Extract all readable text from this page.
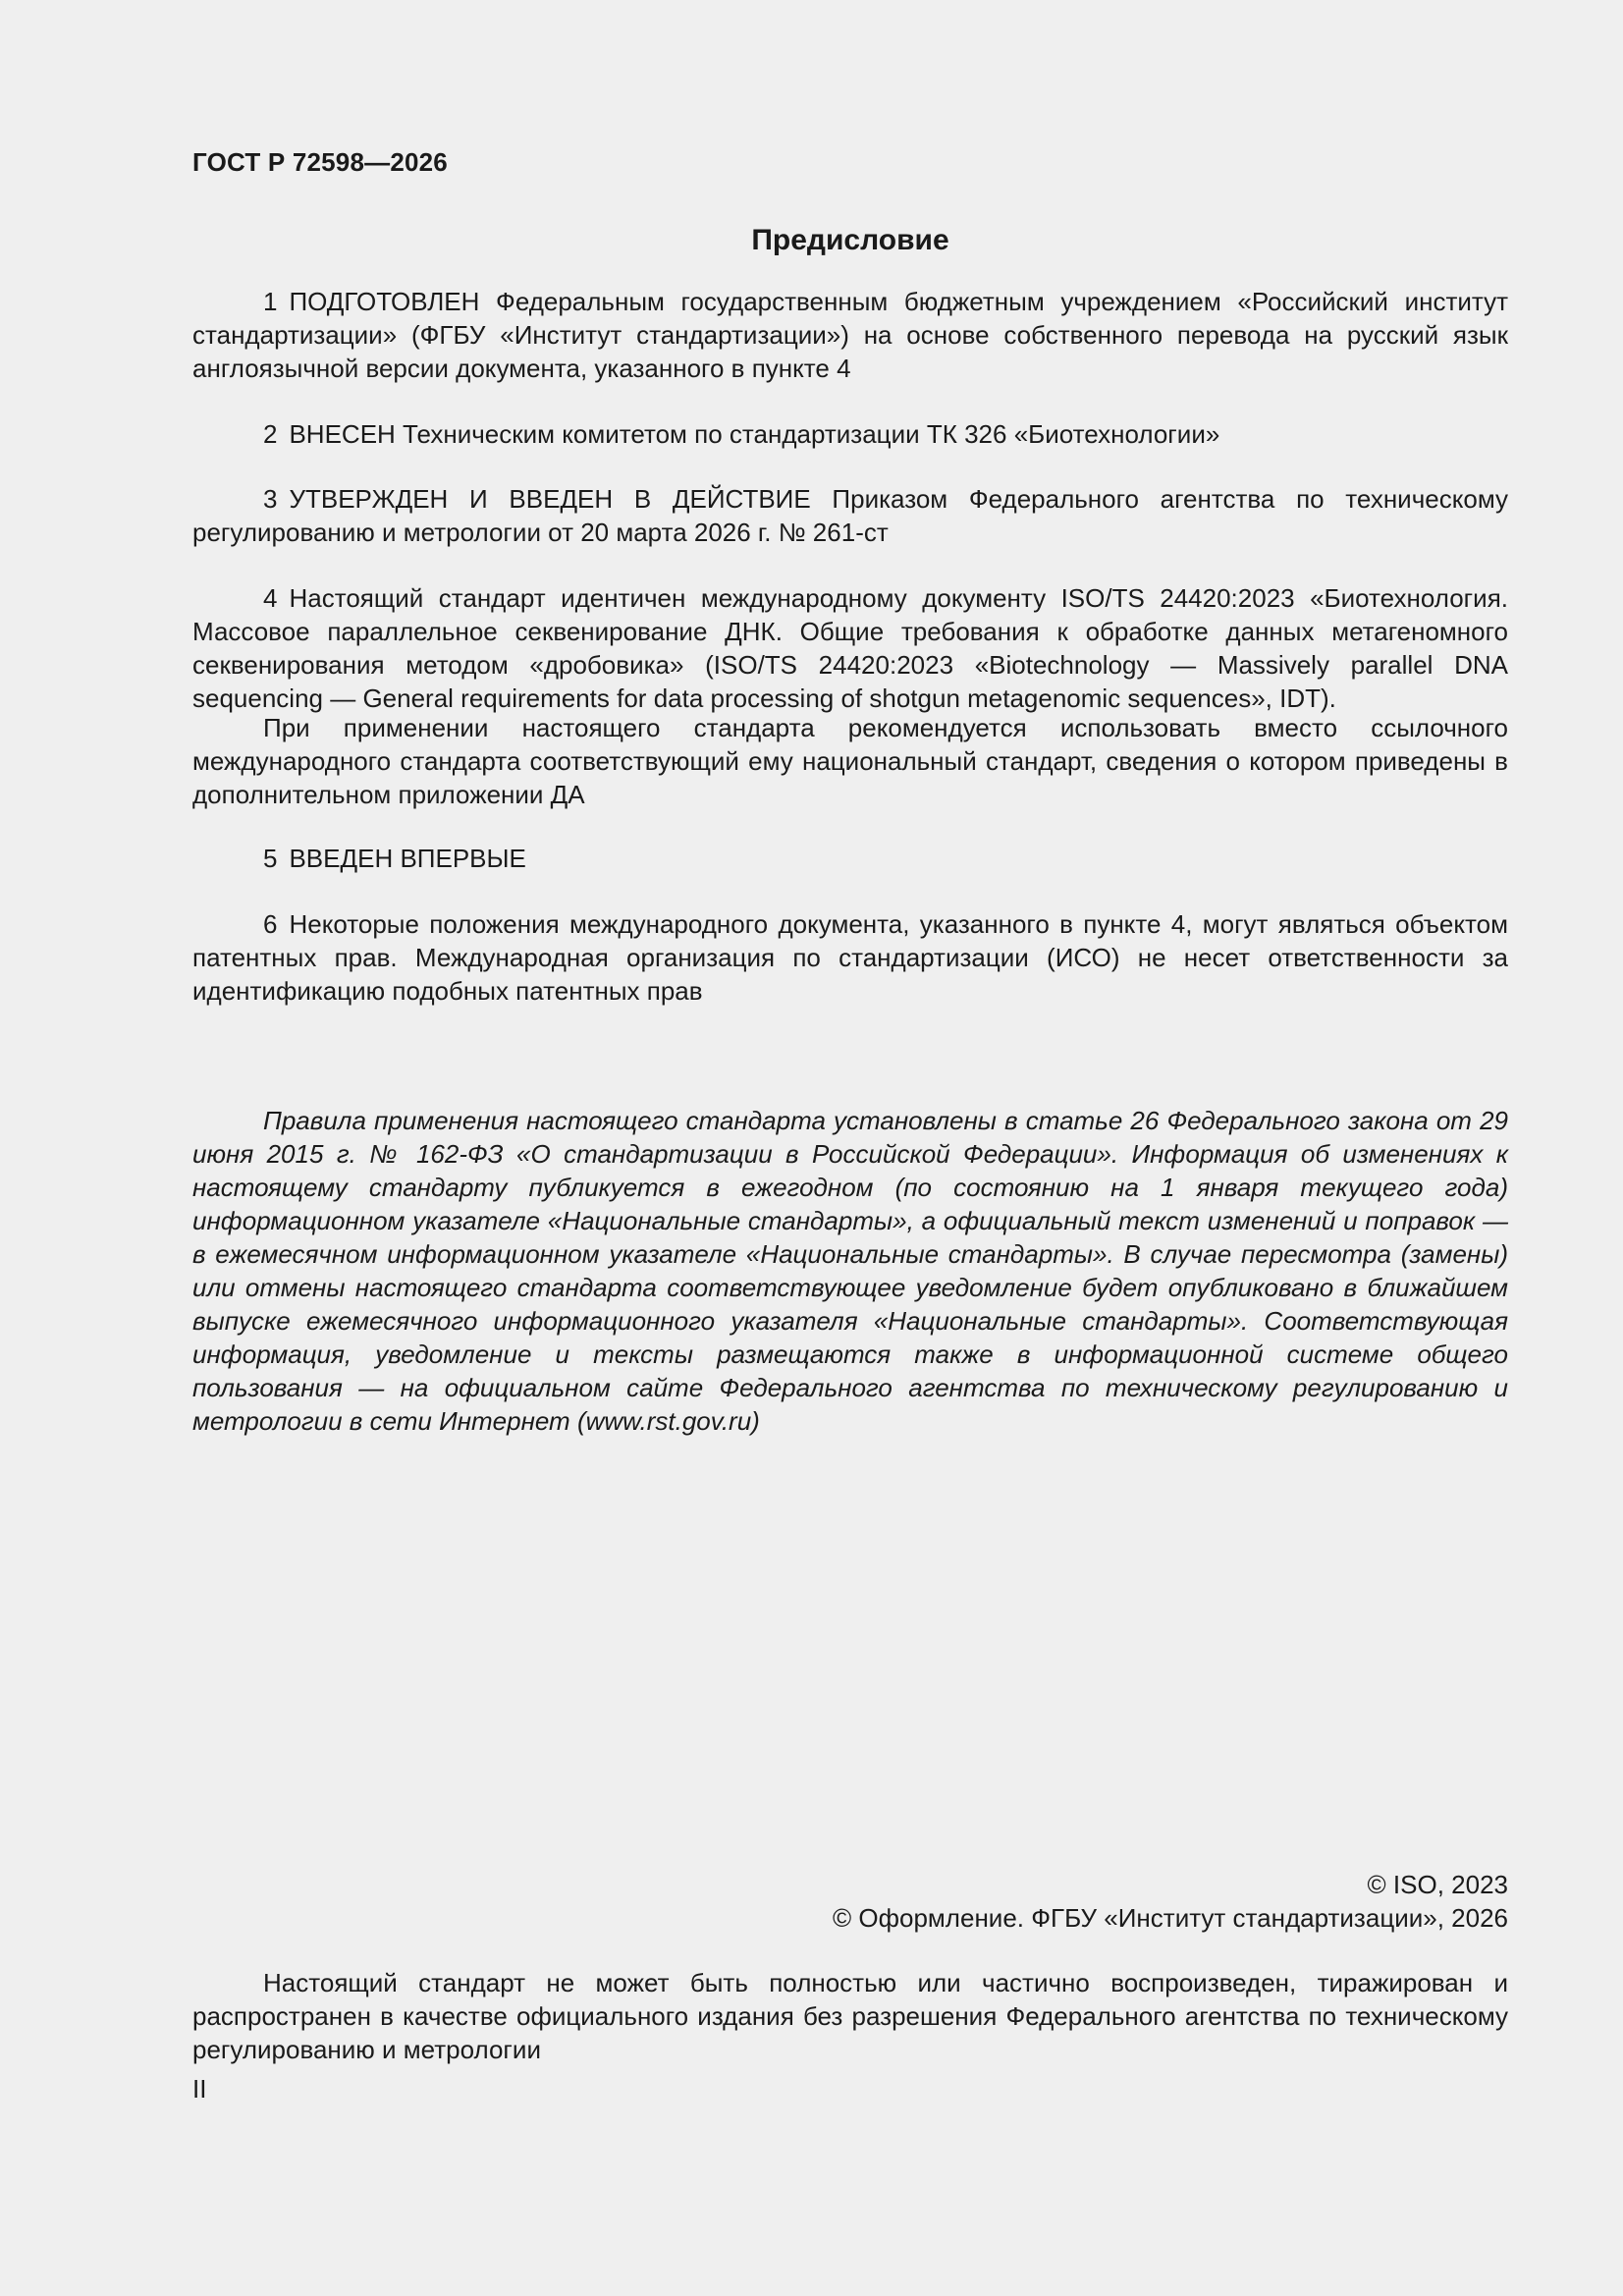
ГОСТ Р 72598—2026
Предисловие
1 ПОДГОТОВЛЕН Федеральным государственным бюджетным учреждением «Российский институт стандартизации» (ФГБУ «Институт стандартизации») на основе собственного перевода на русский язык англоязычной версии документа, указанного в пункте 4
2 ВНЕСЕН Техническим комитетом по стандартизации ТК 326 «Биотехнологии»
3 УТВЕРЖДЕН И ВВЕДЕН В ДЕЙСТВИЕ Приказом Федерального агентства по техническому регулированию и метрологии от 20 марта 2026 г. № 261-ст
4 Настоящий стандарт идентичен международному документу ISO/TS 24420:2023 «Биотехнология. Массовое параллельное секвенирование ДНК. Общие требования к обработке данных метагеномного секвенирования методом «дробовика» (ISO/TS 24420:2023 «Biotechnology — Massively parallel DNA sequencing — General requirements for data processing of shotgun metagenomic sequences», IDT).
При применении настоящего стандарта рекомендуется использовать вместо ссылочного международного стандарта соответствующий ему национальный стандарт, сведения о котором приведены в дополнительном приложении ДА
5 ВВЕДЕН ВПЕРВЫЕ
6 Некоторые положения международного документа, указанного в пункте 4, могут являться объектом патентных прав. Международная организация по стандартизации (ИСО) не несет ответственности за идентификацию подобных патентных прав
Правила применения настоящего стандарта установлены в статье 26 Федерального закона от 29 июня 2015 г. № 162-ФЗ «О стандартизации в Российской Федерации». Информация об изменениях к настоящему стандарту публикуется в ежегодном (по состоянию на 1 января текущего года) информационном указателе «Национальные стандарты», а официальный текст изменений и поправок — в ежемесячном информационном указателе «Национальные стандарты». В случае пересмотра (замены) или отмены настоящего стандарта соответствующее уведомление будет опубликовано в ближайшем выпуске ежемесячного информационного указателя «Национальные стандарты». Соответствующая информация, уведомление и тексты размещаются также в информационной системе общего пользования — на официальном сайте Федерального агентства по техническому регулированию и метрологии в сети Интернет (www.rst.gov.ru)
© ISO, 2023
© Оформление. ФГБУ «Институт стандартизации», 2026
Настоящий стандарт не может быть полностью или частично воспроизведен, тиражирован и распространен в качестве официального издания без разрешения Федерального агентства по техническому регулированию и метрологии
II
